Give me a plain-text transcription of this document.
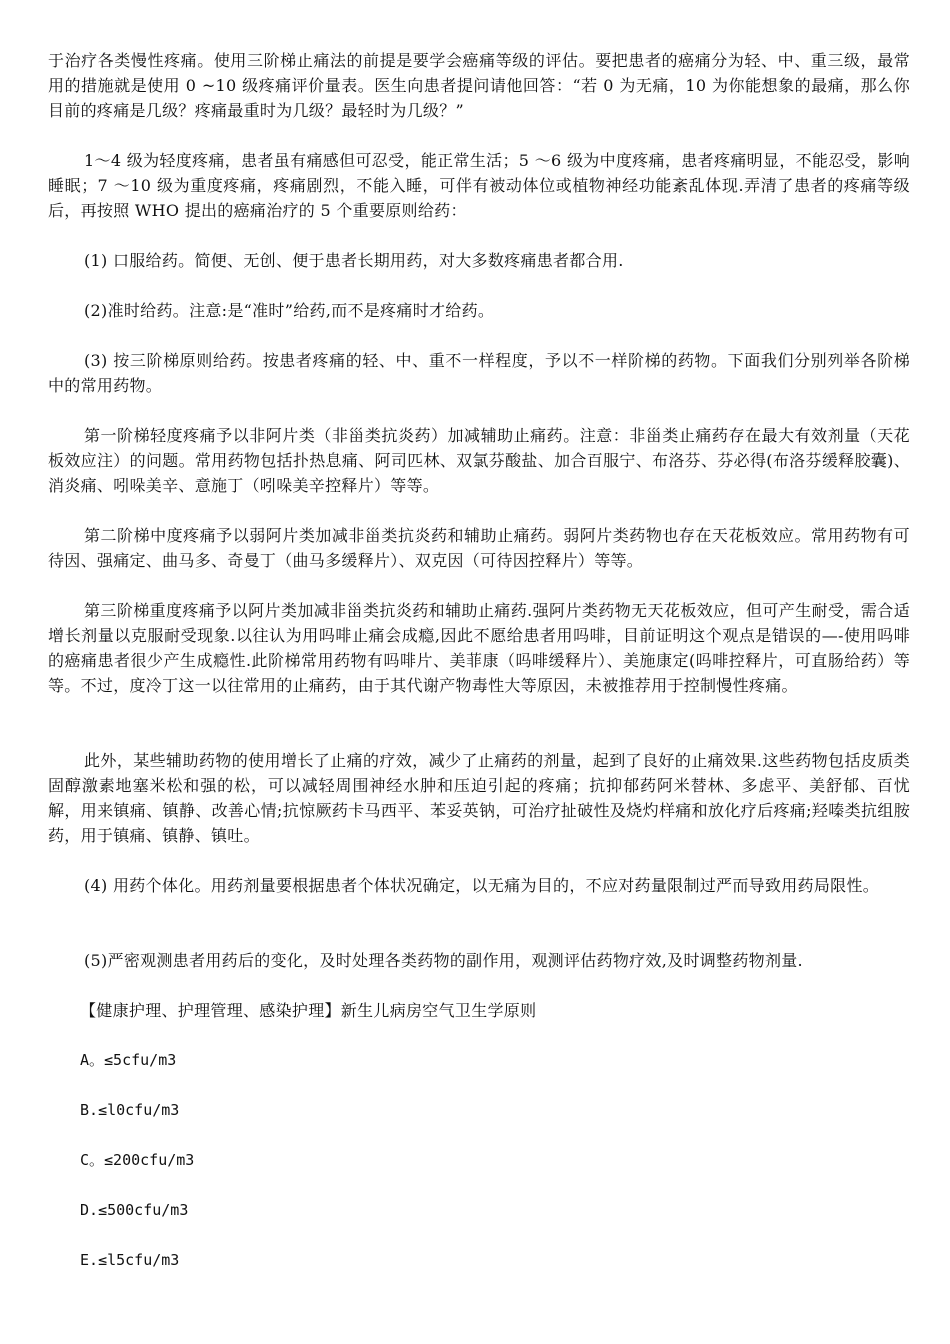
于治疗各类慢性疼痛。使用三阶梯止痛法的前提是要学会癌痛等级的评估。要把患者的癌痛分为轻、中、重三级，最常用的措施就是使用 0 ~10 级疼痛评价量表。医生向患者提问请他回答：“若 0 为无痛，10 为你能想象的最痛，那么你目前的疼痛是几级？疼痛最重时为几级？最轻时为几级？”

1～4 级为轻度疼痛，患者虽有痛感但可忍受，能正常生活；5 ～6 级为中度疼痛，患者疼痛明显，不能忍受，影响睡眠；7 ～10 级为重度疼痛，疼痛剧烈，不能入睡，可伴有被动体位或植物神经功能紊乱体现.弄清了患者的疼痛等级后，再按照 WHO 提出的癌痛治疗的 5 个重要原则给药：

(1) 口服给药。简便、无创、便于患者长期用药，对大多数疼痛患者都合用.

(2)准时给药。注意:是“准时”给药,而不是疼痛时才给药。

(3) 按三阶梯原则给药。按患者疼痛的轻、中、重不一样程度，予以不一样阶梯的药物。下面我们分别列举各阶梯中的常用药物。

第一阶梯轻度疼痛予以非阿片类（非甾类抗炎药）加减辅助止痛药。注意：非甾类止痛药存在最大有效剂量（天花板效应注）的问题。常用药物包括扑热息痛、阿司匹林、双氯芬酸盐、加合百服宁、布洛芬、芬必得(布洛芬缓释胶囊)、消炎痛、吲哚美辛、意施丁（吲哚美辛控释片）等等。

第二阶梯中度疼痛予以弱阿片类加减非甾类抗炎药和辅助止痛药。弱阿片类药物也存在天花板效应。常用药物有可待因、强痛定、曲马多、奇曼丁（曲马多缓释片）、双克因（可待因控释片）等等。

第三阶梯重度疼痛予以阿片类加减非甾类抗炎药和辅助止痛药.强阿片类药物无天花板效应，但可产生耐受，需合适增长剂量以克服耐受现象.以往认为用吗啡止痛会成瘾,因此不愿给患者用吗啡，目前证明这个观点是错误的—-使用吗啡的癌痛患者很少产生成瘾性.此阶梯常用药物有吗啡片、美菲康（吗啡缓释片）、美施康定(吗啡控释片，可直肠给药）等等。不过，度冷丁这一以往常用的止痛药，由于其代谢产物毒性大等原因，未被推荐用于控制慢性疼痛。

此外，某些辅助药物的使用增长了止痛的疗效，减少了止痛药的剂量，起到了良好的止痛效果.这些药物包括皮质类固醇激素地塞米松和强的松，可以减轻周围神经水肿和压迫引起的疼痛；抗抑郁药阿米替林、多虑平、美舒郁、百忧解，用来镇痛、镇静、改善心情;抗惊厥药卡马西平、苯妥英钠，可治疗扯破性及烧灼样痛和放化疗后疼痛;羟嗪类抗组胺药，用于镇痛、镇静、镇吐。

(4) 用药个体化。用药剂量要根据患者个体状况确定，以无痛为目的，不应对药量限制过严而导致用药局限性。

(5)严密观测患者用药后的变化，及时处理各类药物的副作用，观测评估药物疗效,及时调整药物剂量.

【健康护理、护理管理、感染护理】新生儿病房空气卫生学原则

A。≤5cfu/m3

B.≤l0cfu/m3

C。≤200cfu/m3

D.≤500cfu/m3

E.≤l5cfu/m3
